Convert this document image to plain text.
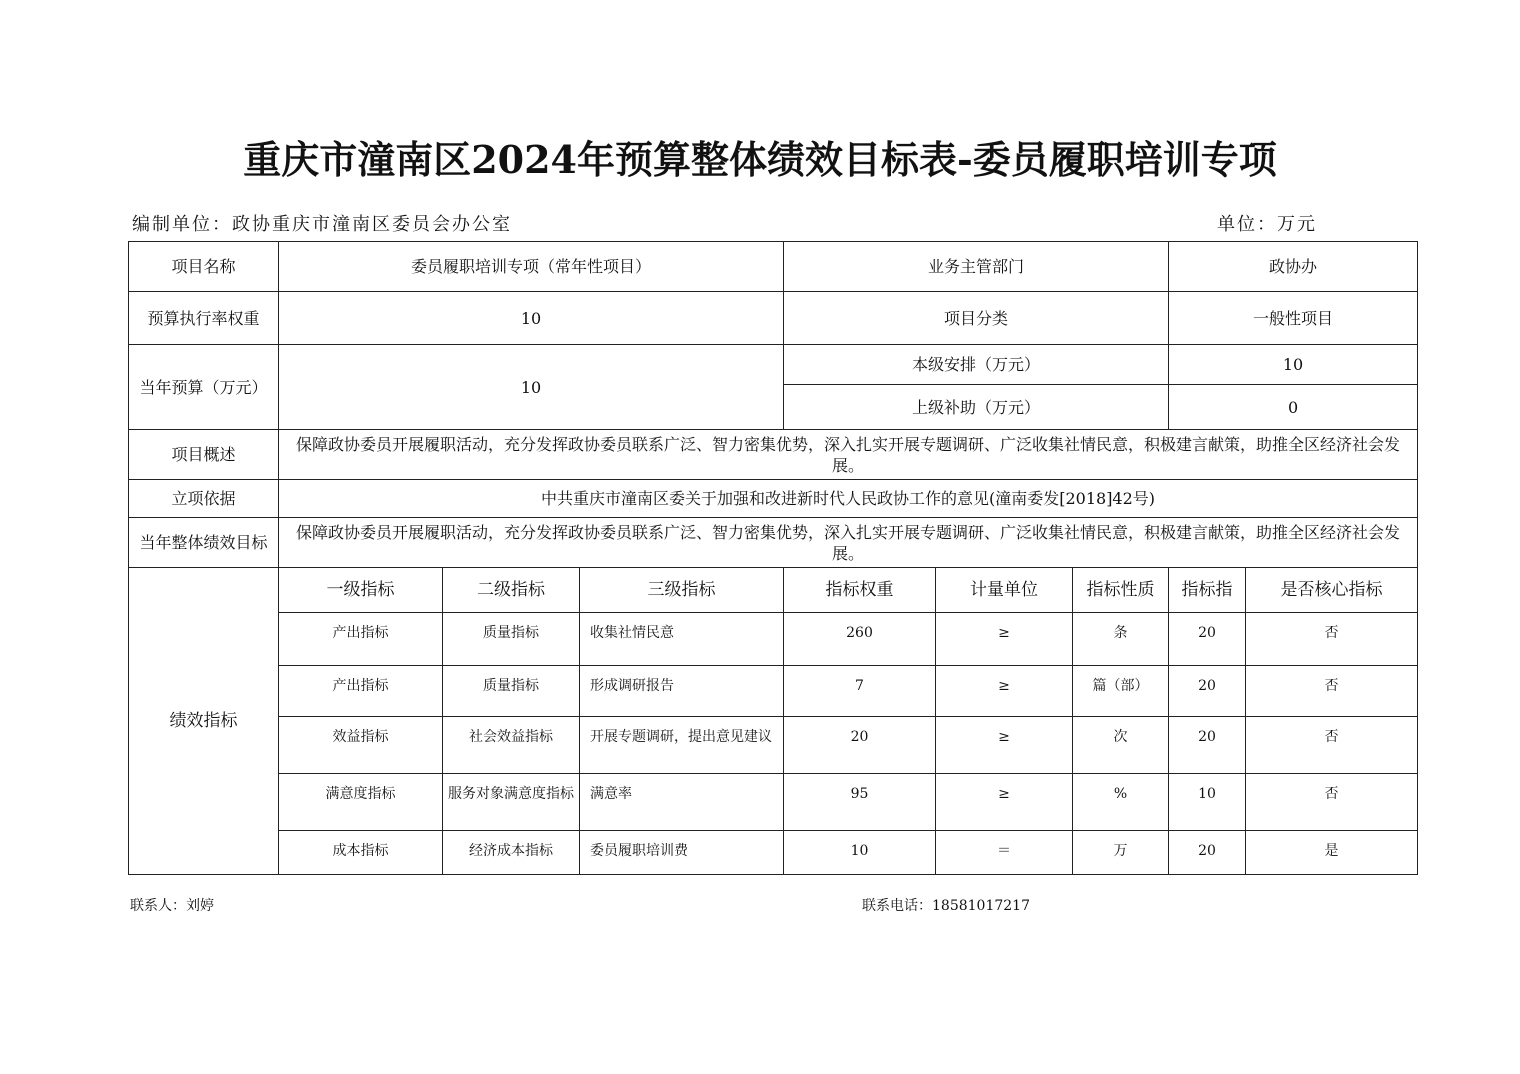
重庆市潼南区2024年预算整体绩效目标表-委员履职培训专项
编制单位：政协重庆市潼南区委员会办公室	单位：万元
项目名称	委员履职培训专项（常年性项目）			业务主管部门			政协办	
预算执行率权重	10			项目分类			一般性项目	
当年预算（万元）	10			本级安排（万元）			10	
				上级补助（万元）			0	
项目概述	保障政协委员开展履职活动，充分发挥政协委员联系广泛、智力密集优势，深入扎实开展专题调研、广泛收集社情民意，积极建言献策，助推全区经济社会发展。							
立项依据	中共重庆市潼南区委关于加强和改进新时代人民政协工作的意见(潼南委发[2018]42号)							
当年整体绩效目标	保障政协委员开展履职活动，充分发挥政协委员联系广泛、智力密集优势，深入扎实开展专题调研、广泛收集社情民意，积极建言献策，助推全区经济社会发展。							
绩效指标	一级指标	二级指标	三级指标	指标权重	计量单位	指标性质	指标指	是否核心指标
	产出指标	质量指标	收集社情民意	260	≥	条	20	否
	产出指标	质量指标	形成调研报告	7	≥	篇（部）	20	否
	效益指标	社会效益指标	开展专题调研，提出意见建议	20	≥	次	20	否
	满意度指标	服务对象满意度指标	满意率	95	≥	%	10	否
	成本指标	经济成本指标	委员履职培训费	10	＝	万	20	是
联系人：刘婷	联系电话：18581017217
